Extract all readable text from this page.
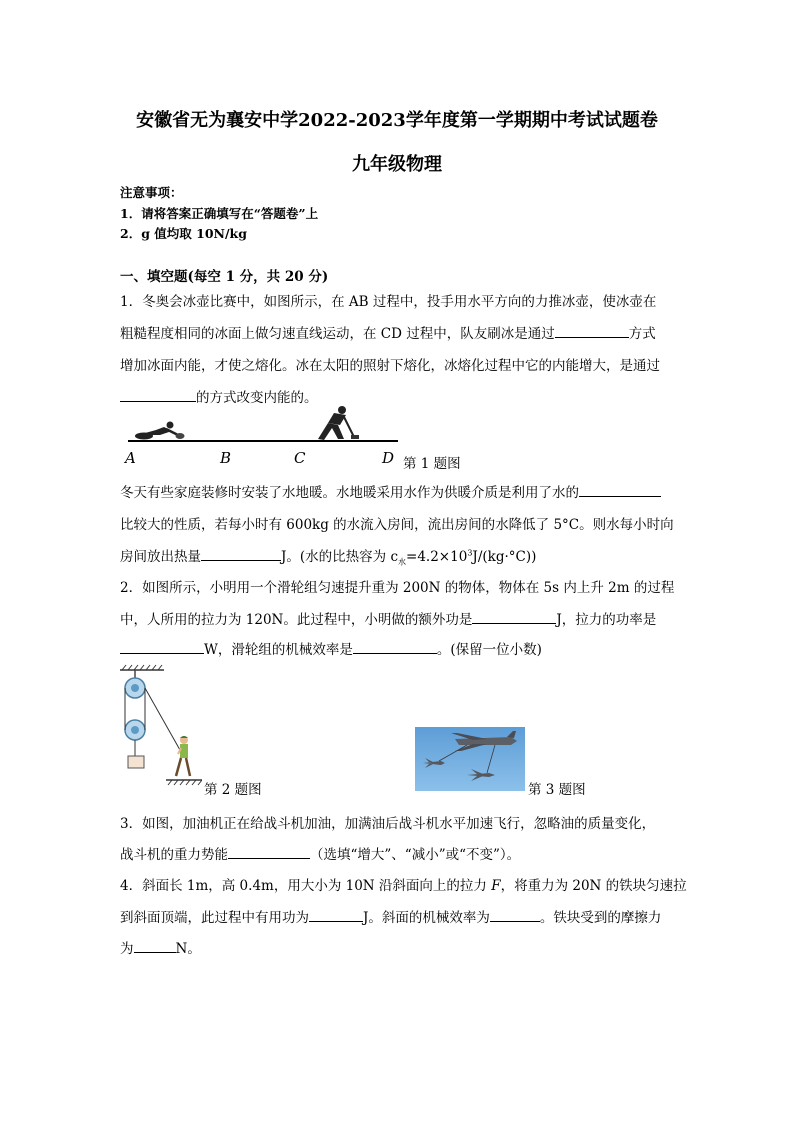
安徽省无为襄安中学2022-2023学年度第一学期期中考试试题卷
九年级物理
注意事项：
1．请将答案正确填写在“答题卷”上
2．g 值均取 10N/kg
一、填空题(每空 1 分，共 20 分)
1．冬奥会冰壶比赛中，如图所示，在 AB 过程中，投手用水平方向的力推冰壶，使冰壶在
粗糙程度相同的冰面上做匀速直线运动，在 CD 过程中，队友刷冰是通过	方式
增加冰面内能，才使之熔化。冰在太阳的照射下熔化，冰熔化过程中它的内能增大，是通过
的方式改变内能的。
A	B	C	D 第 1 题图
冬天有些家庭装修时安装了水地暖。水地暖采用水作为供暖介质是利用了水的
比较大的性质，若每小时有 600kg 的水流入房间，流出房间的水降低了 5°C。则水每小时向
房间放出热量	J。(水的比热容为 $c_水=4.2\times 10^3J/(kg\cdot^\circ C)$)
2．如图所示，小明用一个滑轮组匀速提升重为 200N 的物体，物体在 5s 内上升 2m 的过程
中，人所用的拉力为 120N。此过程中，小明做的额外功是	J，拉力的功率是
W，滑轮组的机械效率是	。(保留一位小数)
第 2 题图	第 3 题图
3．如图，加油机正在给战斗机加油，加满油后战斗机水平加速飞行，忽略油的质量变化，
战斗机的重力势能	（选填“增大”、“减小”或“不变”）。
4．斜面长 1m，高 0.4m，用大小为 10N 沿斜面向上的拉力 F，将重力为 20N 的铁块匀速拉
到斜面顶端，此过程中有用功为	J。斜面的机械效率为	。铁块受到的摩擦力
为	N。
